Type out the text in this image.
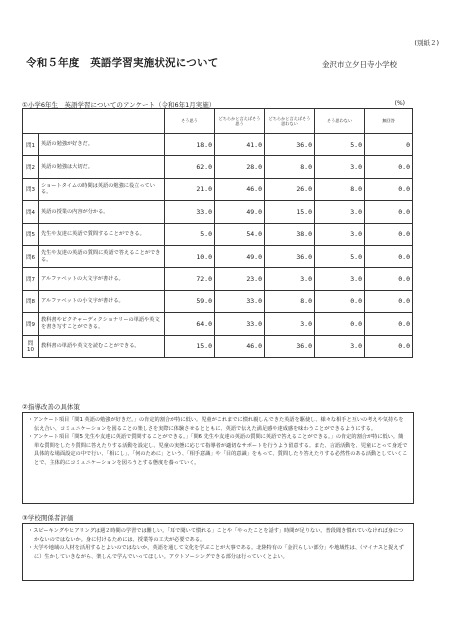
(別紙２)
令和５年度　英語学習実施状況について	金沢市立夕日寺小学校
①小学6年生　英語学習についてのアンケート（令和6年1月実施）	(%)
		そう思う	どちらかと言えばそう思う	どちらかと言えばそう思わない	そう思わない	無回答
問1	英語の勉強が好きだ。	18.0	41.0	36.0	5.0	0
問2	英語の勉強は大切だ。	62.0	28.0	8.0	3.0	0.0
問3	ショートタイムの時間は英語の勉強に役立っている。	21.0	46.0	26.0	8.0	0.0
問4	英語の授業の内容が分かる。	33.0	49.0	15.0	3.0	0.0
問5	先生や友達に英語で質問することができる。	5.0	54.0	38.0	3.0	0.0
問6	先生や友達の英語の質問に英語で答えることができる。	10.0	49.0	36.0	5.0	0.0
問7	アルファベットの大文字が書ける。	72.0	23.0	3.0	3.0	0.0
問8	アルファベットの小文字が書ける。	59.0	33.0	8.0	0.0	0.0
問9	教科書やピクチャーディクショナリーの単語や英文を書き写すことができる。	64.0	33.0	3.0	0.0	0.0
問10	教科書の単語や英文を読むことができる。	15.0	46.0	36.0	3.0	0.0
②指導改善の具体策

・アンケート項目「問1 英語の勉強が好きだ。」の肯定的割合が特に低い。児童がこれまでに慣れ親しんできた英語を駆使し、様々な相手と互いの考えや気持ちを伝え合い、コミュニケーションを図ることの楽しさを実際に体験させるとともに、英語で伝えた満足感や達成感を味わうことができるようにする。

・アンケート項目「問5 先生や友達に英語で質問することができる。」「問6 先生や友達の英語の質問に英語で答えることができる。」の肯定的割合が特に低い。簡単な質問をしたり質問に答えたりする活動を設定し、児童の実態に応じて指導者が適切なサポートを行うよう留意する。また、言語活動を、児童にとって身近で具体的な場面設定の中で行い、「相にし」、「何のために」という、「相手意識」や「目的意識」をもって、質問したり答えたりする必然性のある活動としていくことで、主体的にコミュニケーションを図ろうとする態度を養っていく。

③学校関係者評価

・スピーキングやヒアリングは週２時間の学習では難しい。「耳で聞いて慣れる」ことや「やったことを話す」時間が足りない。普段聞き慣れていなければ身につかないのではないか。身に付けるためには、授業等の工夫が必要である。

・大学や地域の人材を活用するとよいのではないか。英語を通して文化を学ぶことが大事である。北陸特有の「金沢らしい部分」や地域性は、（マイナスと捉えずに）生かしていきながら、楽しんで学んでいってほしい。アウトソーシングできる部分は行っていくとよい。
